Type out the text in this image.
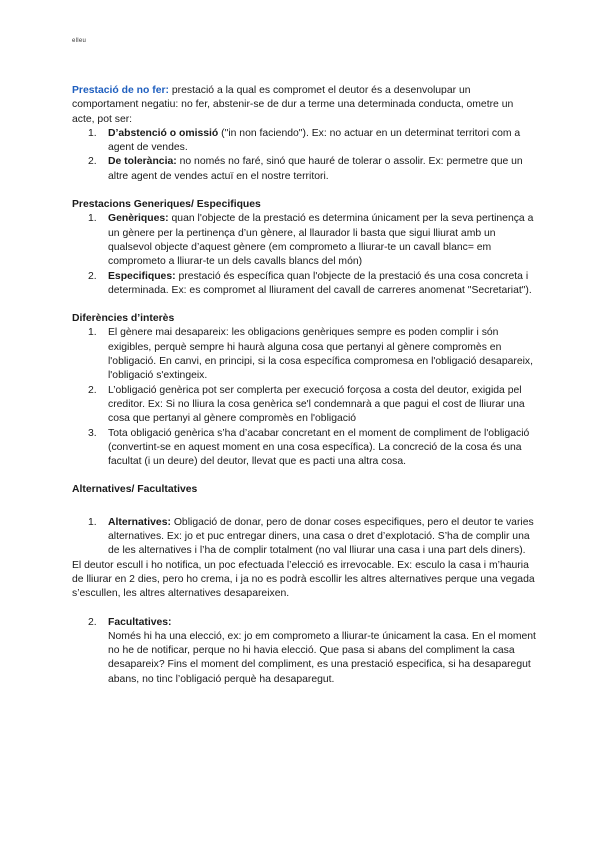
elleu

Prestació de no fer: prestació a la qual es compromet el deutor és a desenvolupar un comportament negatiu: no fer, abstenir-se de dur a terme una determinada conducta, ometre un acte, pot ser:

1. D’abstenció o omissió ("in non faciendo"). Ex: no actuar en un determinat territori com a agent de vendes.
2. De tolerància: no només no faré, sinó que hauré de tolerar o assolir. Ex: permetre que un altre agent de vendes actuï en el nostre territori.
Prestacions Generiques/ Especifiques
1. Genèriques: quan l'objecte de la prestació es determina únicament per la seva pertinença a un gènere per la pertinença d’un gènere, al llaurador li basta que sigui lliurat amb un qualsevol objecte d’aquest gènere (em comprometo a lliurar-te un cavall blanc= em comprometo a lliurar-te un dels cavalls blancs del món)
2. Especifiques: prestació és específica quan l'objecte de la prestació és una cosa concreta i determinada. Ex: es compromet al lliurament del cavall de carreres anomenat "Secretariat").
Diferències d’interès
1. El gènere mai desapareix: les obligacions genèriques sempre es poden complir i són exigibles, perquè sempre hi haurà alguna cosa que pertanyi al gènere compromès en l'obligació. En canvi, en principi, si la cosa específica compromesa en l'obligació desapareix, l'obligació s'extingeix.
2. L’obligació genèrica pot ser complerta per execució forçosa a costa del deutor, exigida pel creditor. Ex: Si no lliura la cosa genèrica se'l condemnarà a que pagui el cost de lliurar una cosa que pertanyi al gènere compromès en l'obligació
3. Tota obligació genèrica s’ha d’acabar concretant en el moment de compliment de l'obligació (convertint-se en aquest moment en una cosa específica). La concreció de la cosa és una facultat (i un deure) del deutor, llevat que es pacti una altra cosa.
Alternatives/ Facultatives
1. Alternatives: Obligació de donar, pero de donar coses especifiques, pero el deutor te varies alternatives. Ex: jo et puc entregar diners, una casa o dret d’explotació. S’ha de complir una de les alternatives i l’ha de complir totalment (no val lliurar una casa i una part dels diners).

El deutor escull i ho notifica, un poc efectuada l’elecció es irrevocable. Ex: esculo la casa i m’hauria de lliurar en 2 dies, pero ho crema, i ja no es podrà escollir les altres alternatives perque una vegada s’escullen, les altres alternatives desapareixen.

2. Facultatives:
Només hi ha una elecció, ex: jo em comprometo a lliurar-te únicament la casa. En el moment no he de notificar, perque no hi havia elecció. Que pasa si abans del compliment la casa desapareix? Fins el moment del compliment, es una prestació especifica, si ha desaparegut abans, no tinc l’obligació perquè ha desaparegut.
